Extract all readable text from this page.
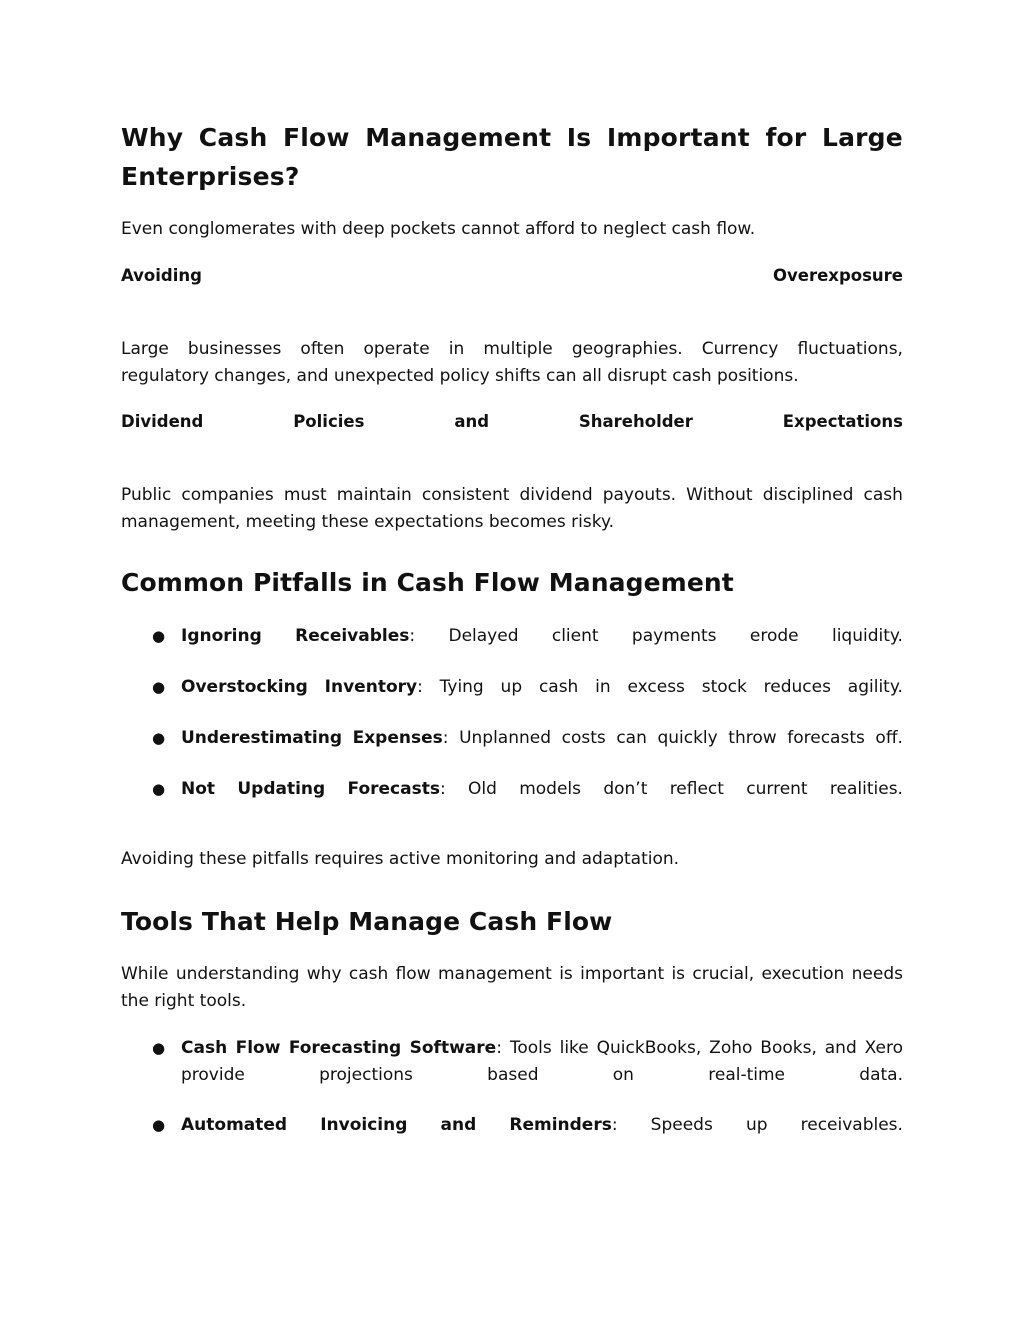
Why Cash Flow Management Is Important for Large
Enterprises?

Even conglomerates with deep pockets cannot afford to neglect cash flow.

Avoiding	Overexposure
Large businesses often operate in multiple geographies. Currency fluctuations,
regulatory changes, and unexpected policy shifts can all disrupt cash positions.
Dividend	Policies	and	Shareholder	Expectations
Public companies must maintain consistent dividend payouts. Without disciplined cash
management, meeting these expectations becomes risky.
Common Pitfalls in Cash Flow Management
● Ignoring Receivables: Delayed client payments erode liquidity.
● Overstocking Inventory: Tying up cash in excess stock reduces agility.
● Underestimating Expenses: Unplanned costs can quickly throw forecasts off.
● Not Updating Forecasts: Old models don’t reflect current realities.

Avoiding these pitfalls requires active monitoring and adaptation.

Tools That Help Manage Cash Flow
While understanding why cash flow management is important is crucial, execution needs
the right tools.
● Cash Flow Forecasting Software: Tools like QuickBooks, Zoho Books, and Xero
provide	projections	based	on	real-time	data.
● Automated Invoicing and Reminders: Speeds up receivables.
